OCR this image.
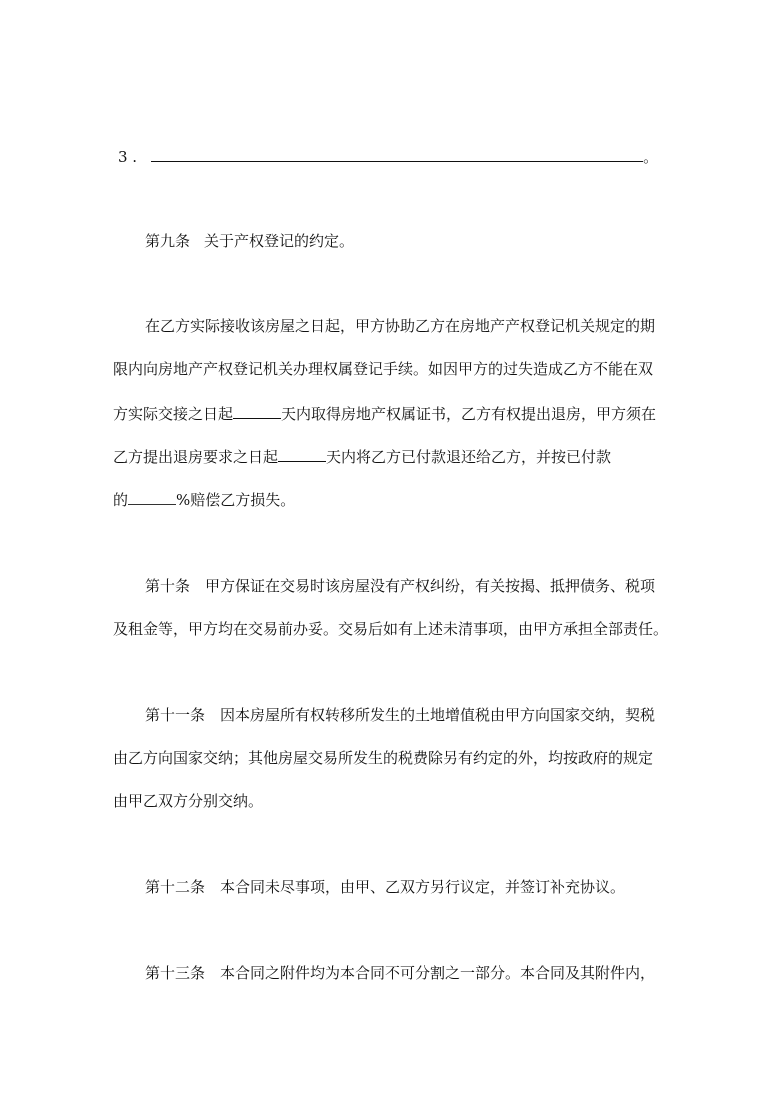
3 .	。
第九条 关于产权登记的约定。
在乙方实际接收该房屋之日起，甲方协助乙方在房地产产权登记机关规定的期
限内向房地产产权登记机关办理权属登记手续。如因甲方的过失造成乙方不能在双
方实际交接之日起	天内取得房地产权属证书，乙方有权提出退房，甲方须在
乙方提出退房要求之日起	天内将乙方已付款退还给乙方，并按已付款
的	%赔偿乙方损失。
第十条　甲方保证在交易时该房屋没有产权纠纷，有关按揭、抵押债务、税项
及租金等，甲方均在交易前办妥。交易后如有上述未清事项，由甲方承担全部责任。
第十一条　因本房屋所有权转移所发生的土地增值税由甲方向国家交纳，契税
由乙方向国家交纳；其他房屋交易所发生的税费除另有约定的外，均按政府的规定
由甲乙双方分别交纳。
第十二条　本合同未尽事项，由甲、乙双方另行议定，并签订补充协议。
第十三条　本合同之附件均为本合同不可分割之一部分。本合同及其附件内，
